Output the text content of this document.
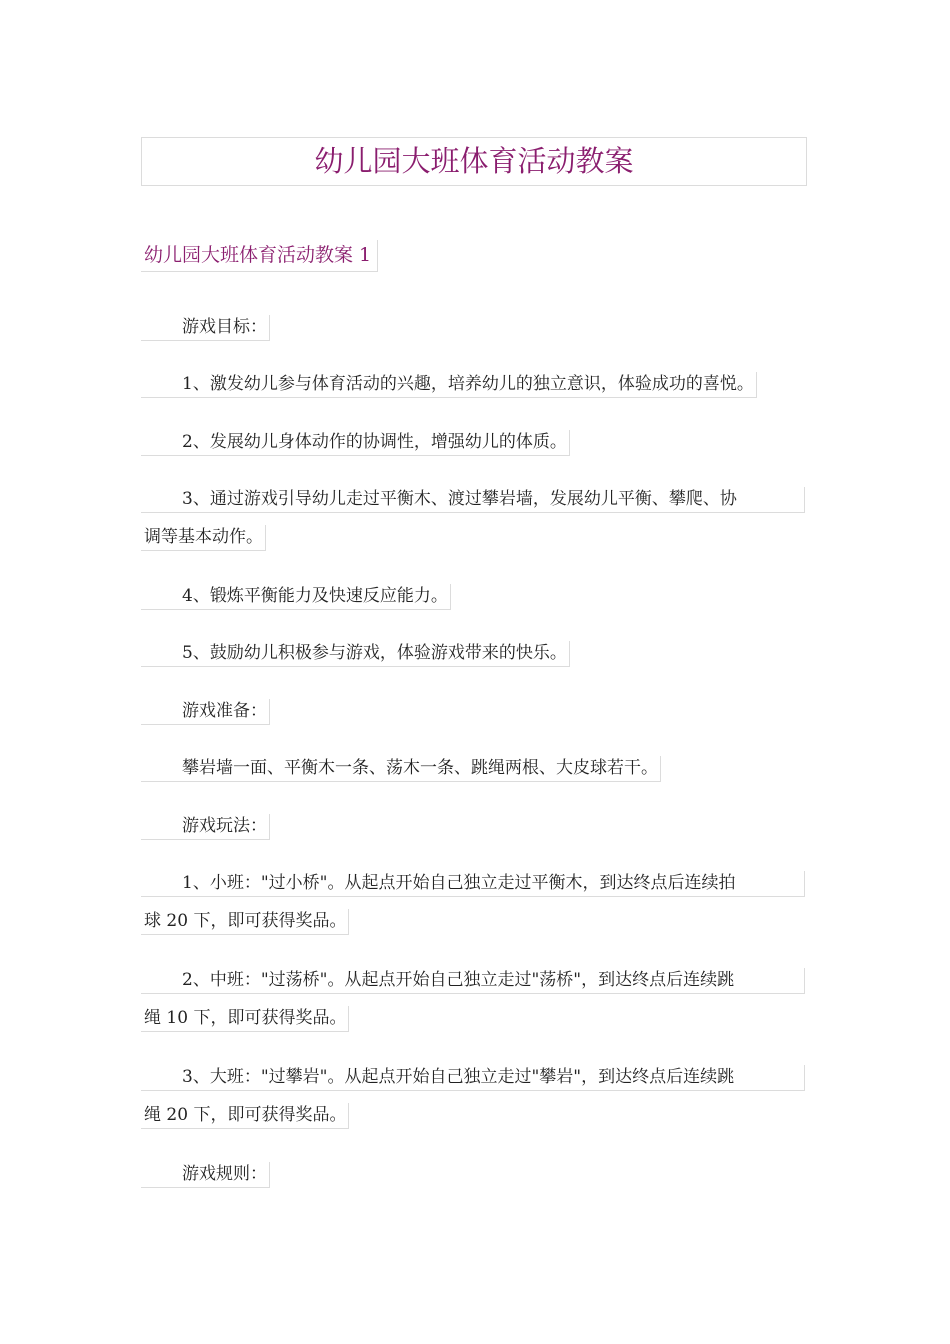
幼儿园大班体育活动教案
幼儿园大班体育活动教案 1
游戏目标：
1、激发幼儿参与体育活动的兴趣，培养幼儿的独立意识，体验成功的喜悦。
2、发展幼儿身体动作的协调性，增强幼儿的体质。
3、通过游戏引导幼儿走过平衡木、渡过攀岩墙，发展幼儿平衡、攀爬、协
调等基本动作。
4、锻炼平衡能力及快速反应能力。
5、鼓励幼儿积极参与游戏，体验游戏带来的快乐。
游戏准备：
攀岩墙一面、平衡木一条、荡木一条、跳绳两根、大皮球若干。
游戏玩法：
1、小班："过小桥"。从起点开始自己独立走过平衡木，到达终点后连续拍
球 20 下，即可获得奖品。
2、中班："过荡桥"。从起点开始自己独立走过"荡桥"，到达终点后连续跳
绳 10 下，即可获得奖品。
3、大班："过攀岩"。从起点开始自己独立走过"攀岩"，到达终点后连续跳
绳 20 下，即可获得奖品。
游戏规则：
